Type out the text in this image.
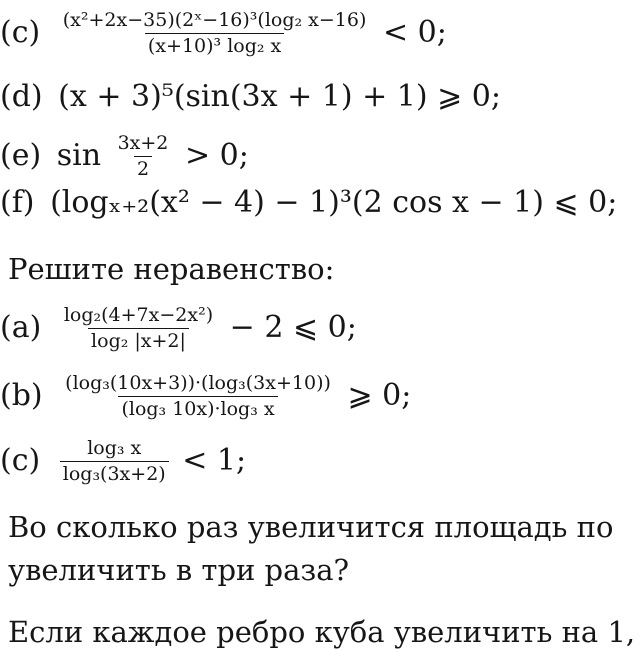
$(c) \frac{\text{(x²+2x−35)(2ˣ−16)³(log₂ x−16)}}{\text{(x+10)³ log₂ x}} < 0$;
(d) (x + 3)⁵(sin(3x + 1) + 1) ⩾ 0;
(e) $\sin \frac{3x+2}{2} > 0$;
(f) (logₓ₊₂(x² − 4) − 1)³(2 cos x − 1) ⩽ 0;
Решите неравенство:
$(a) \frac{\text{log₂(4+7x−2x²)}}{\text{log₂ |x+2|}} - 2$ ⩽ 0;
$(b) \frac{\text{(log₃(10x+3))·(log₃(3x+10))}}{\text{(log₃ 10x)·log₃ x}}$ ⩾ 0;
$(c) \frac{\text{log₃ x}}{\text{log₃(3x+2)}} < 1$;
Во сколько раз увеличится площадь по
увеличить в три раза?
Если каждое ребро куба увеличить на 1,
